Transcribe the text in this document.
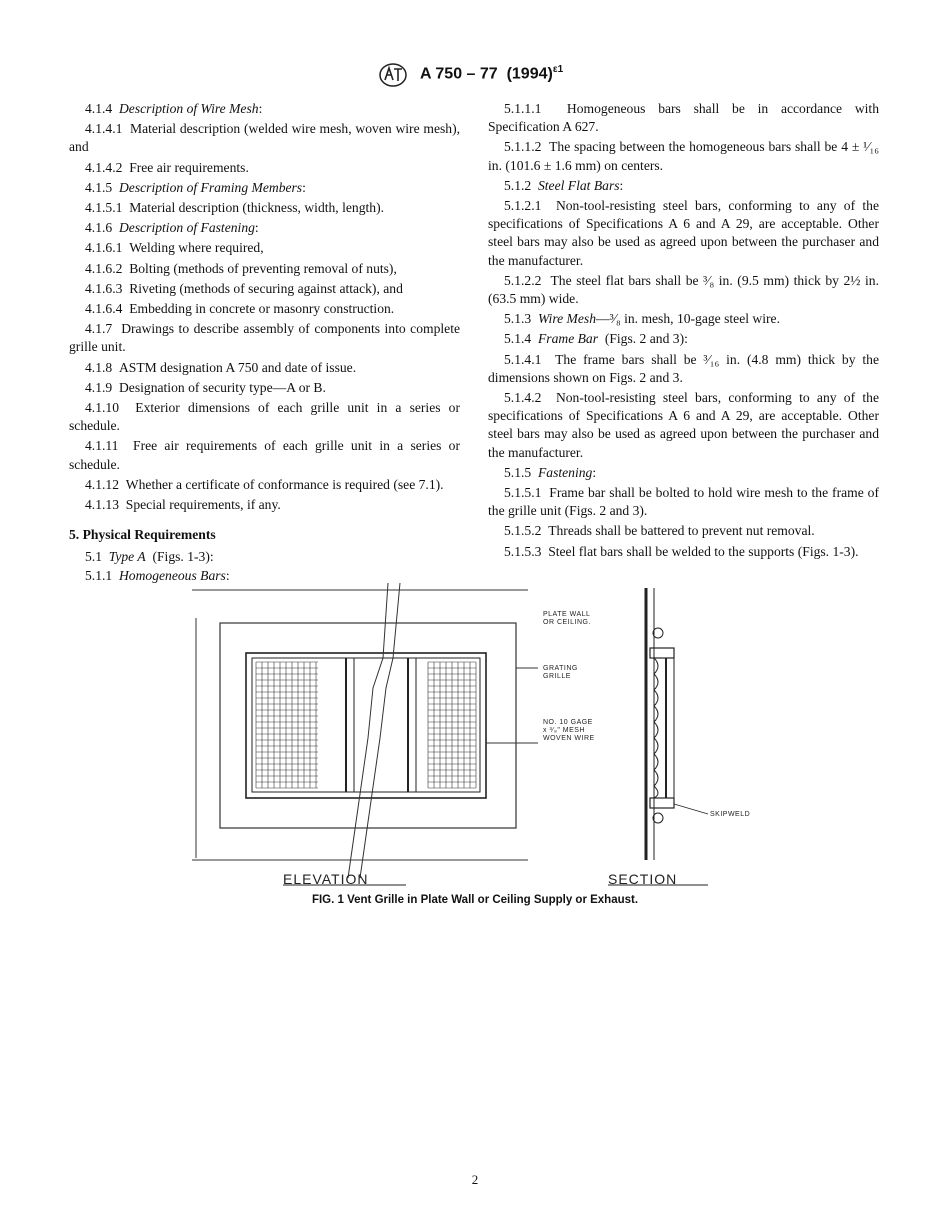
A 750 – 77 $(1994)^{\varepsilon 1}$

4.1.4 Description of Wire Mesh:

4.1.4.1 Material description (welded wire mesh, woven wire mesh), and

4.1.4.2 Free air requirements.

4.1.5 Description of Framing Members:

4.1.5.1 Material description (thickness, width, length).

4.1.6 Description of Fastening:

4.1.6.1 Welding where required,

4.1.6.2 Bolting (methods of preventing removal of nuts),

4.1.6.3 Riveting (methods of securing against attack), and

4.1.6.4 Embedding in concrete or masonry construction.

4.1.7 Drawings to describe assembly of components into complete grille unit.

4.1.8 ASTM designation A 750 and date of issue.

4.1.9 Designation of security type—A or B.

4.1.10 Exterior dimensions of each grille unit in a series or schedule.

4.1.11 Free air requirements of each grille unit in a series or schedule.

4.1.12 Whether a certificate of conformance is required (see 7.1).

4.1.13 Special requirements, if any.

5. Physical Requirements

5.1 Type A (Figs. 1-3):

5.1.1 Homogeneous Bars:

5.1.1.1 Homogeneous bars shall be in accordance with Specification A 627.

5.1.1.2 The spacing between the homogeneous bars shall be 4 ± ¹⁄₁₆ in. (101.6 ± 1.6 mm) on centers.

5.1.2 Steel Flat Bars:

5.1.2.1 Non-tool-resisting steel bars, conforming to any of the specifications of Specifications A 6 and A 29, are acceptable. Other steel bars may also be used as agreed upon between the purchaser and the manufacturer.

5.1.2.2 The steel flat bars shall be ³⁄₈ in. (9.5 mm) thick by 2½ in. (63.5 mm) wide.

5.1.3 Wire Mesh—³⁄₈ in. mesh, 10-gage steel wire.

5.1.4 Frame Bar (Figs. 2 and 3):

5.1.4.1 The frame bars shall be ³⁄₁₆ in. (4.8 mm) thick by the dimensions shown on Figs. 2 and 3.

5.1.4.2 Non-tool-resisting steel bars, conforming to any of the specifications of Specifications A 6 and A 29, are acceptable. Other steel bars may also be used as agreed upon between the purchaser and the manufacturer.

5.1.5 Fastening:

5.1.5.1 Frame bar shall be bolted to hold wire mesh to the frame of the grille unit (Figs. 2 and 3).

5.1.5.2 Threads shall be battered to prevent nut removal.

5.1.5.3 Steel flat bars shall be welded to the supports (Figs. 1-3).

PLATE WALL
OR CEILING.
GRATING
GRILLE
NO. 10 GAGE
x ³⁄₈" MESH
WOVEN WIRE
SKIPWELD
ELEVATION	SECTION
FIG. 1 Vent Grille in Plate Wall or Ceiling Supply or Exhaust.
2
